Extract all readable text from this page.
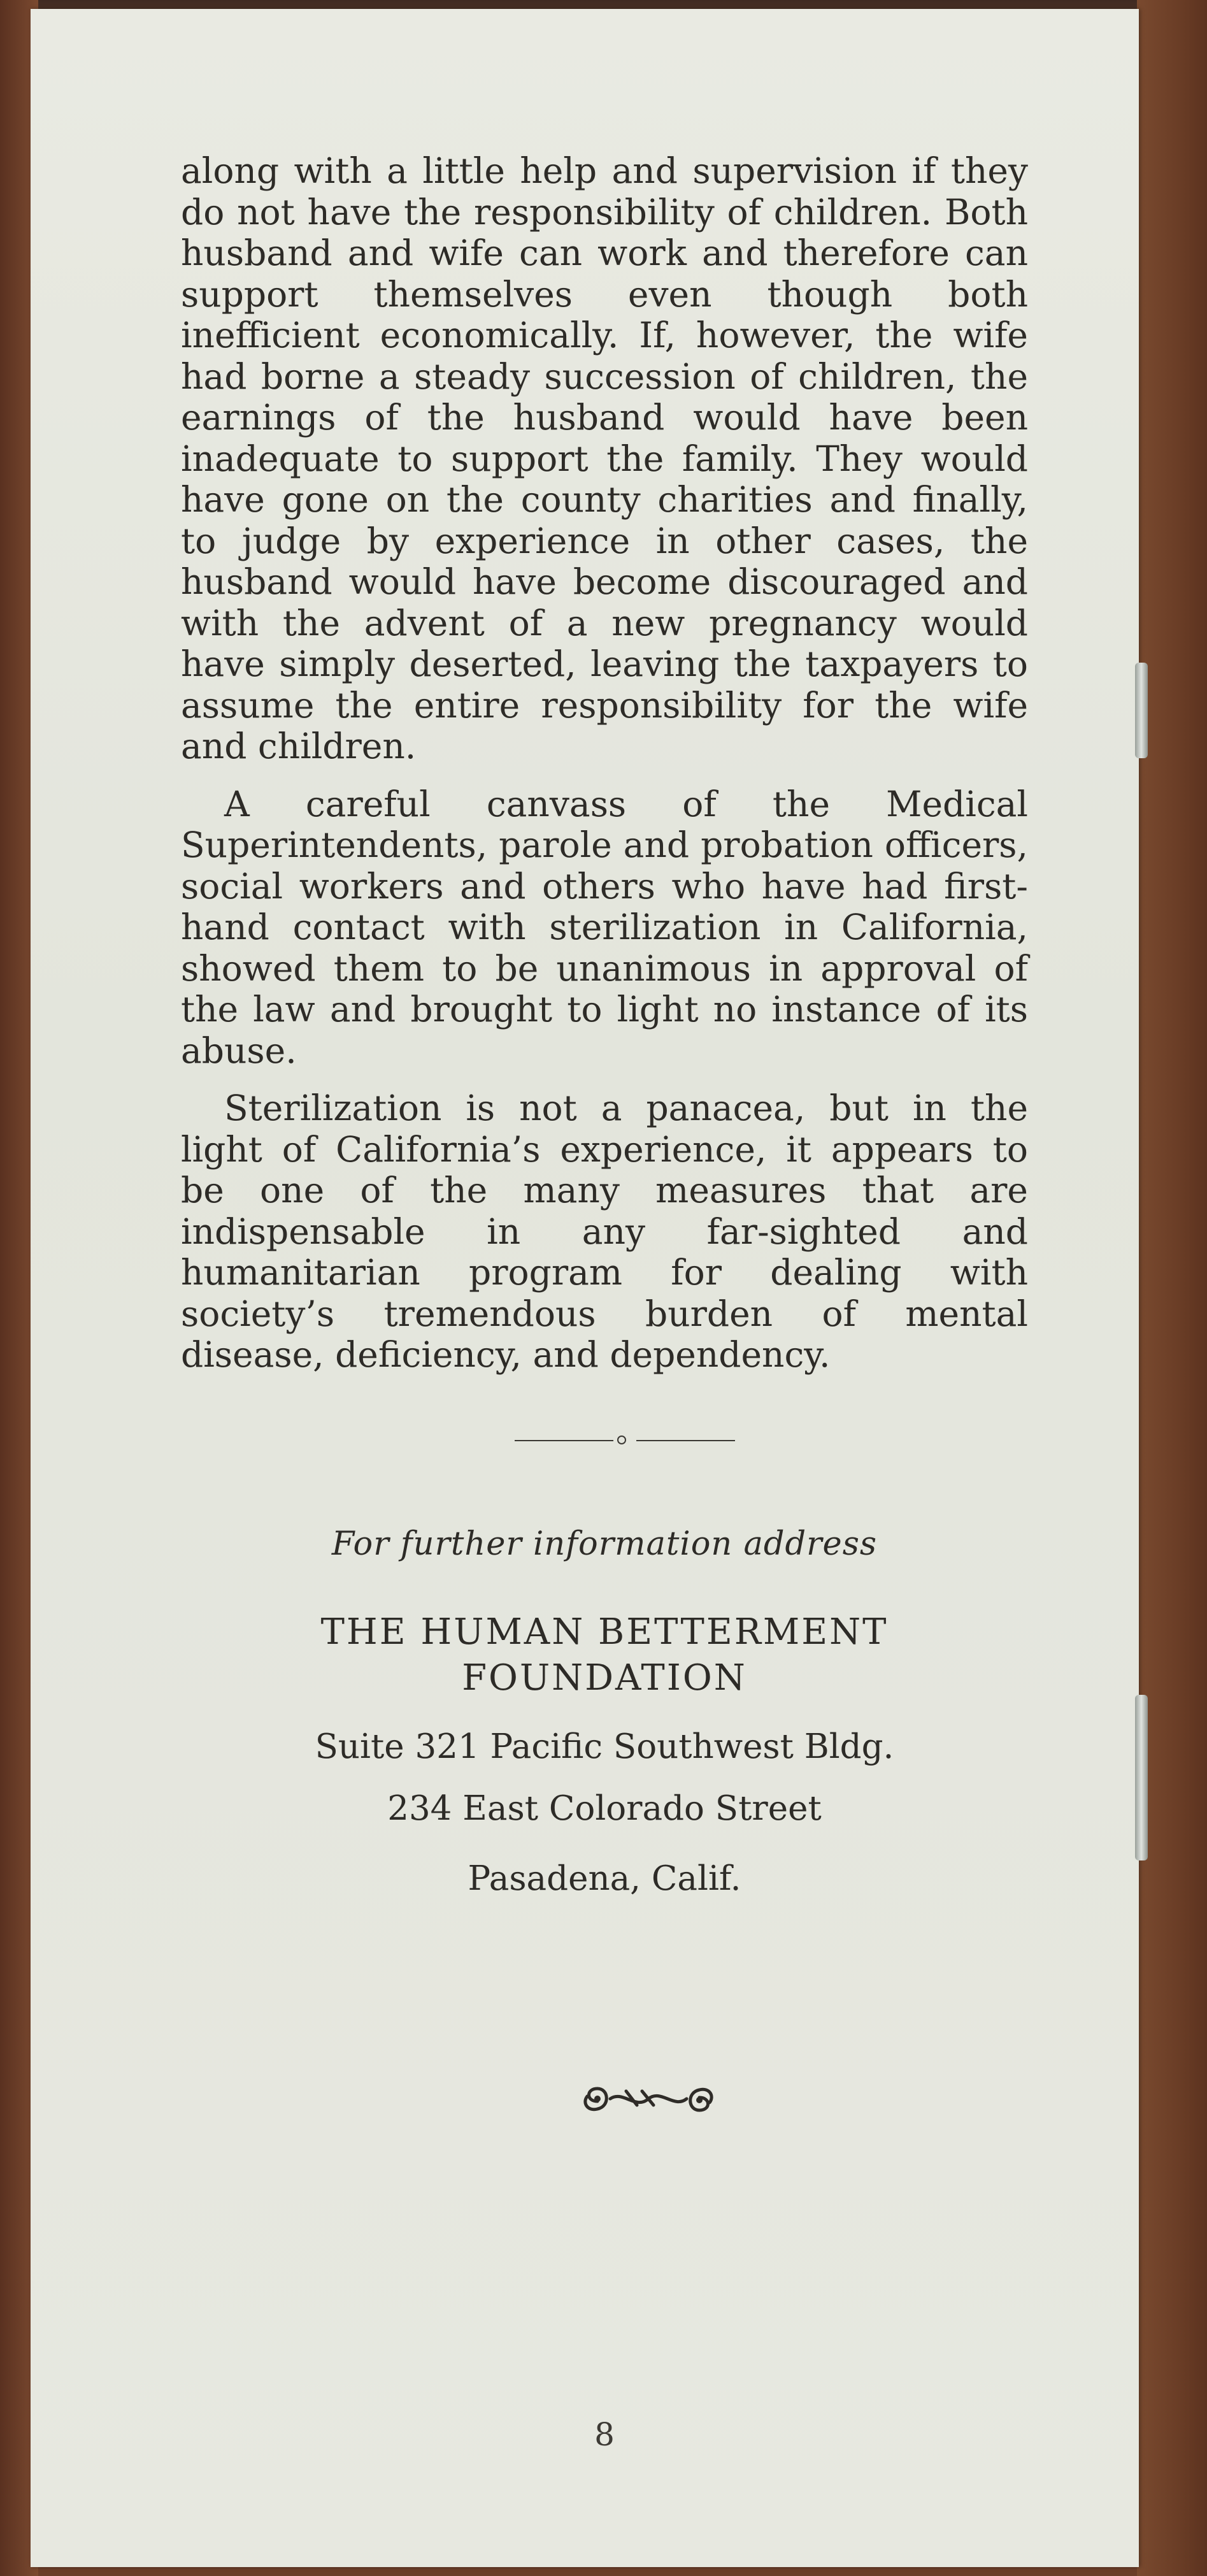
along with a little help and supervision if they do not have the responsibility of children. Both husband and wife can work and therefore can support themselves even though both inefficient economically. If, however, the wife had borne a steady succession of children, the earnings of the husband would have been inadequate to support the family. They would have gone on the county charities and finally, to judge by experience in other cases, the husband would have become discouraged and with the advent of a new pregnancy would have simply deserted, leaving the taxpayers to assume the entire responsibility for the wife and children.

A careful canvass of the Medical Superintendents, parole and probation officers, social workers and others who have had first-hand contact with sterilization in California, showed them to be unanimous in approval of the law and brought to light no instance of its abuse.

Sterilization is not a panacea, but in the light of California’s experience, it appears to be one of the many measures that are indispensable in any far-sighted and humanitarian program for dealing with society’s tremendous burden of mental disease, deficiency, and dependency.

For further information address
THE HUMAN BETTERMENT
FOUNDATION
Suite 321 Pacific Southwest Bldg.
234 East Colorado Street
Pasadena, Calif.
8
